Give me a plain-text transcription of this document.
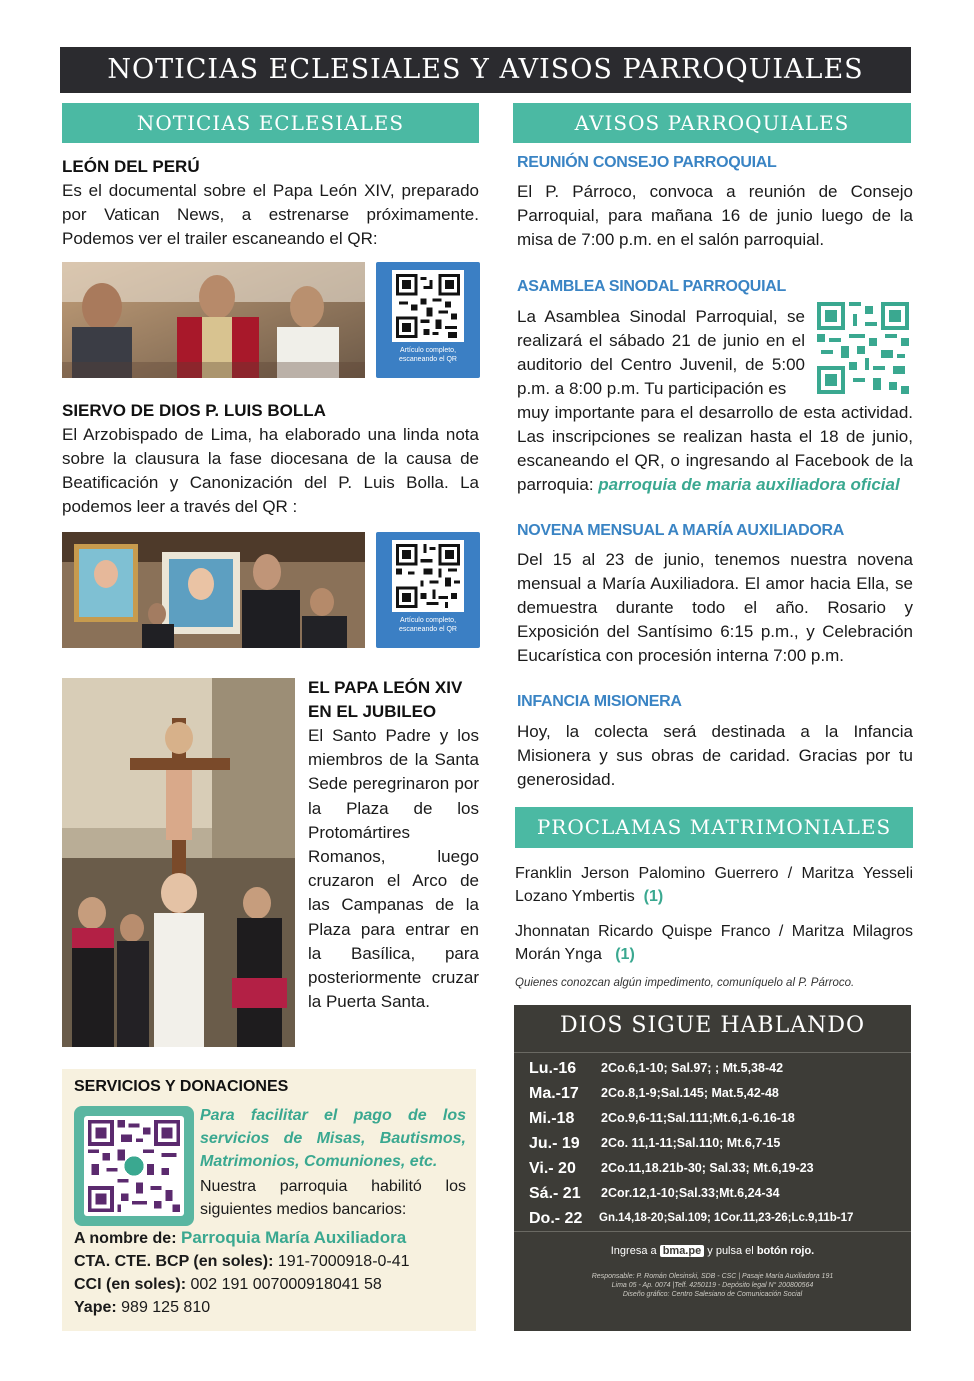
NOTICIAS ECLESIALES Y AVISOS PARROQUIALES
NOTICIAS ECLESIALES
LEÓN DEL PERÚ
Es el documental sobre el Papa León XIV, preparado por Vatican News, a estrenarse próximamente. Podemos ver el trailer escaneando el QR:
Artículo completo, escaneando el QR
SIERVO DE DIOS P. LUIS BOLLA
El Arzobispado de Lima, ha elaborado una linda nota sobre la clausura la fase diocesana de la causa de Beatificación y Canonización del P. Luis Bolla. La podemos leer a través del QR :
Artículo completo, escaneando el QR
EL PAPA LEÓN XIV
EN EL JUBILEO
El Santo Padre y los miembros de la Santa Sede peregrinaron por la Plaza de los Protomártires Romanos, luego cruzaron el Arco de las Campanas de la Plaza para entrar en la Basílica, para posteriormente cruzar la Puerta Santa.
SERVICIOS Y DONACIONES
Para facilitar el pago de los servicios de Misas, Bautismos, Matrimonios, Comuniones, etc.
Nuestra parroquia habilitó los siguientes medios bancarios:
A nombre de: Parroquia María Auxiliadora
CTA. CTE. BCP (en soles): 191-7000918-0-41
CCI (en soles): 002 191 007000918041 58
Yape: 989 125 810
AVISOS PARROQUIALES
REUNIÓN CONSEJO PARROQUIAL
El P. Párroco, convoca a reunión de Consejo Parroquial, para mañana 16 de junio luego de la misa de 7:00 p.m. en el salón parroquial.
ASAMBLEA SINODAL PARROQUIAL
La Asamblea Sinodal Parroquial, se realizará el sábado 21 de junio en el auditorio del Centro Juvenil, de 5:00 p.m. a 8:00 p.m. Tu participación es
muy importante para el desarrollo de esta actividad. Las inscripciones se realizan hasta el 18 de junio, escaneando el QR, o ingresando al Facebook de la parroquia: parroquia de maria auxiliadora oficial
NOVENA MENSUAL A MARÍA AUXILIADORA
Del 15 al 23 de junio, tenemos nuestra novena mensual a María Auxiliadora. El amor hacia Ella, se demuestra durante todo el año. Rosario y Exposición del Santísimo 6:15 p.m., y Celebración Eucarística con procesión interna 7:00 p.m.
INFANCIA MISIONERA
Hoy, la colecta será destinada a la Infancia Misionera y sus obras de caridad. Gracias por tu generosidad.
PROCLAMAS MATRIMONIALES
Franklin Jerson Palomino Guerrero / Maritza Yesseli Lozano Ymbertis (1)
Jhonnatan Ricardo Quispe Franco / Maritza Milagros Morán Ynga (1)
Quienes conozcan algún impedimento, comuníquelo al P. Párroco.
DIOS SIGUE HABLANDO
Lu.-16 2Co.6,1-10; Sal.97; ; Mt.5,38-42
Ma.-17 2Co.8,1-9;Sal.145; Mat.5,42-48
Mi.-18 2Co.9,6-11;Sal.111;Mt.6,1-6.16-18
Ju.- 19 2Co. 11,1-11;Sal.110; Mt.6,7-15
Vi.- 20 2Co.11,18.21b-30; Sal.33; Mt.6,19-23
Sá.- 21 2Cor.12,1-10;Sal.33;Mt.6,24-34
Do.- 22 Gn.14,18-20;Sal.109; 1Cor.11,23-26;Lc.9,11b-17
Ingresa a bma.pe y pulsa el botón rojo.
Responsable: P. Román Olesinski, SDB - CSC | Pasaje María Auxiliadora 191
Lima 05 - Ap. 0074 |Telf. 4250119 - Depósito legal N° 200800564
Diseño gráfico: Centro Salesiano de Comunicación Social
